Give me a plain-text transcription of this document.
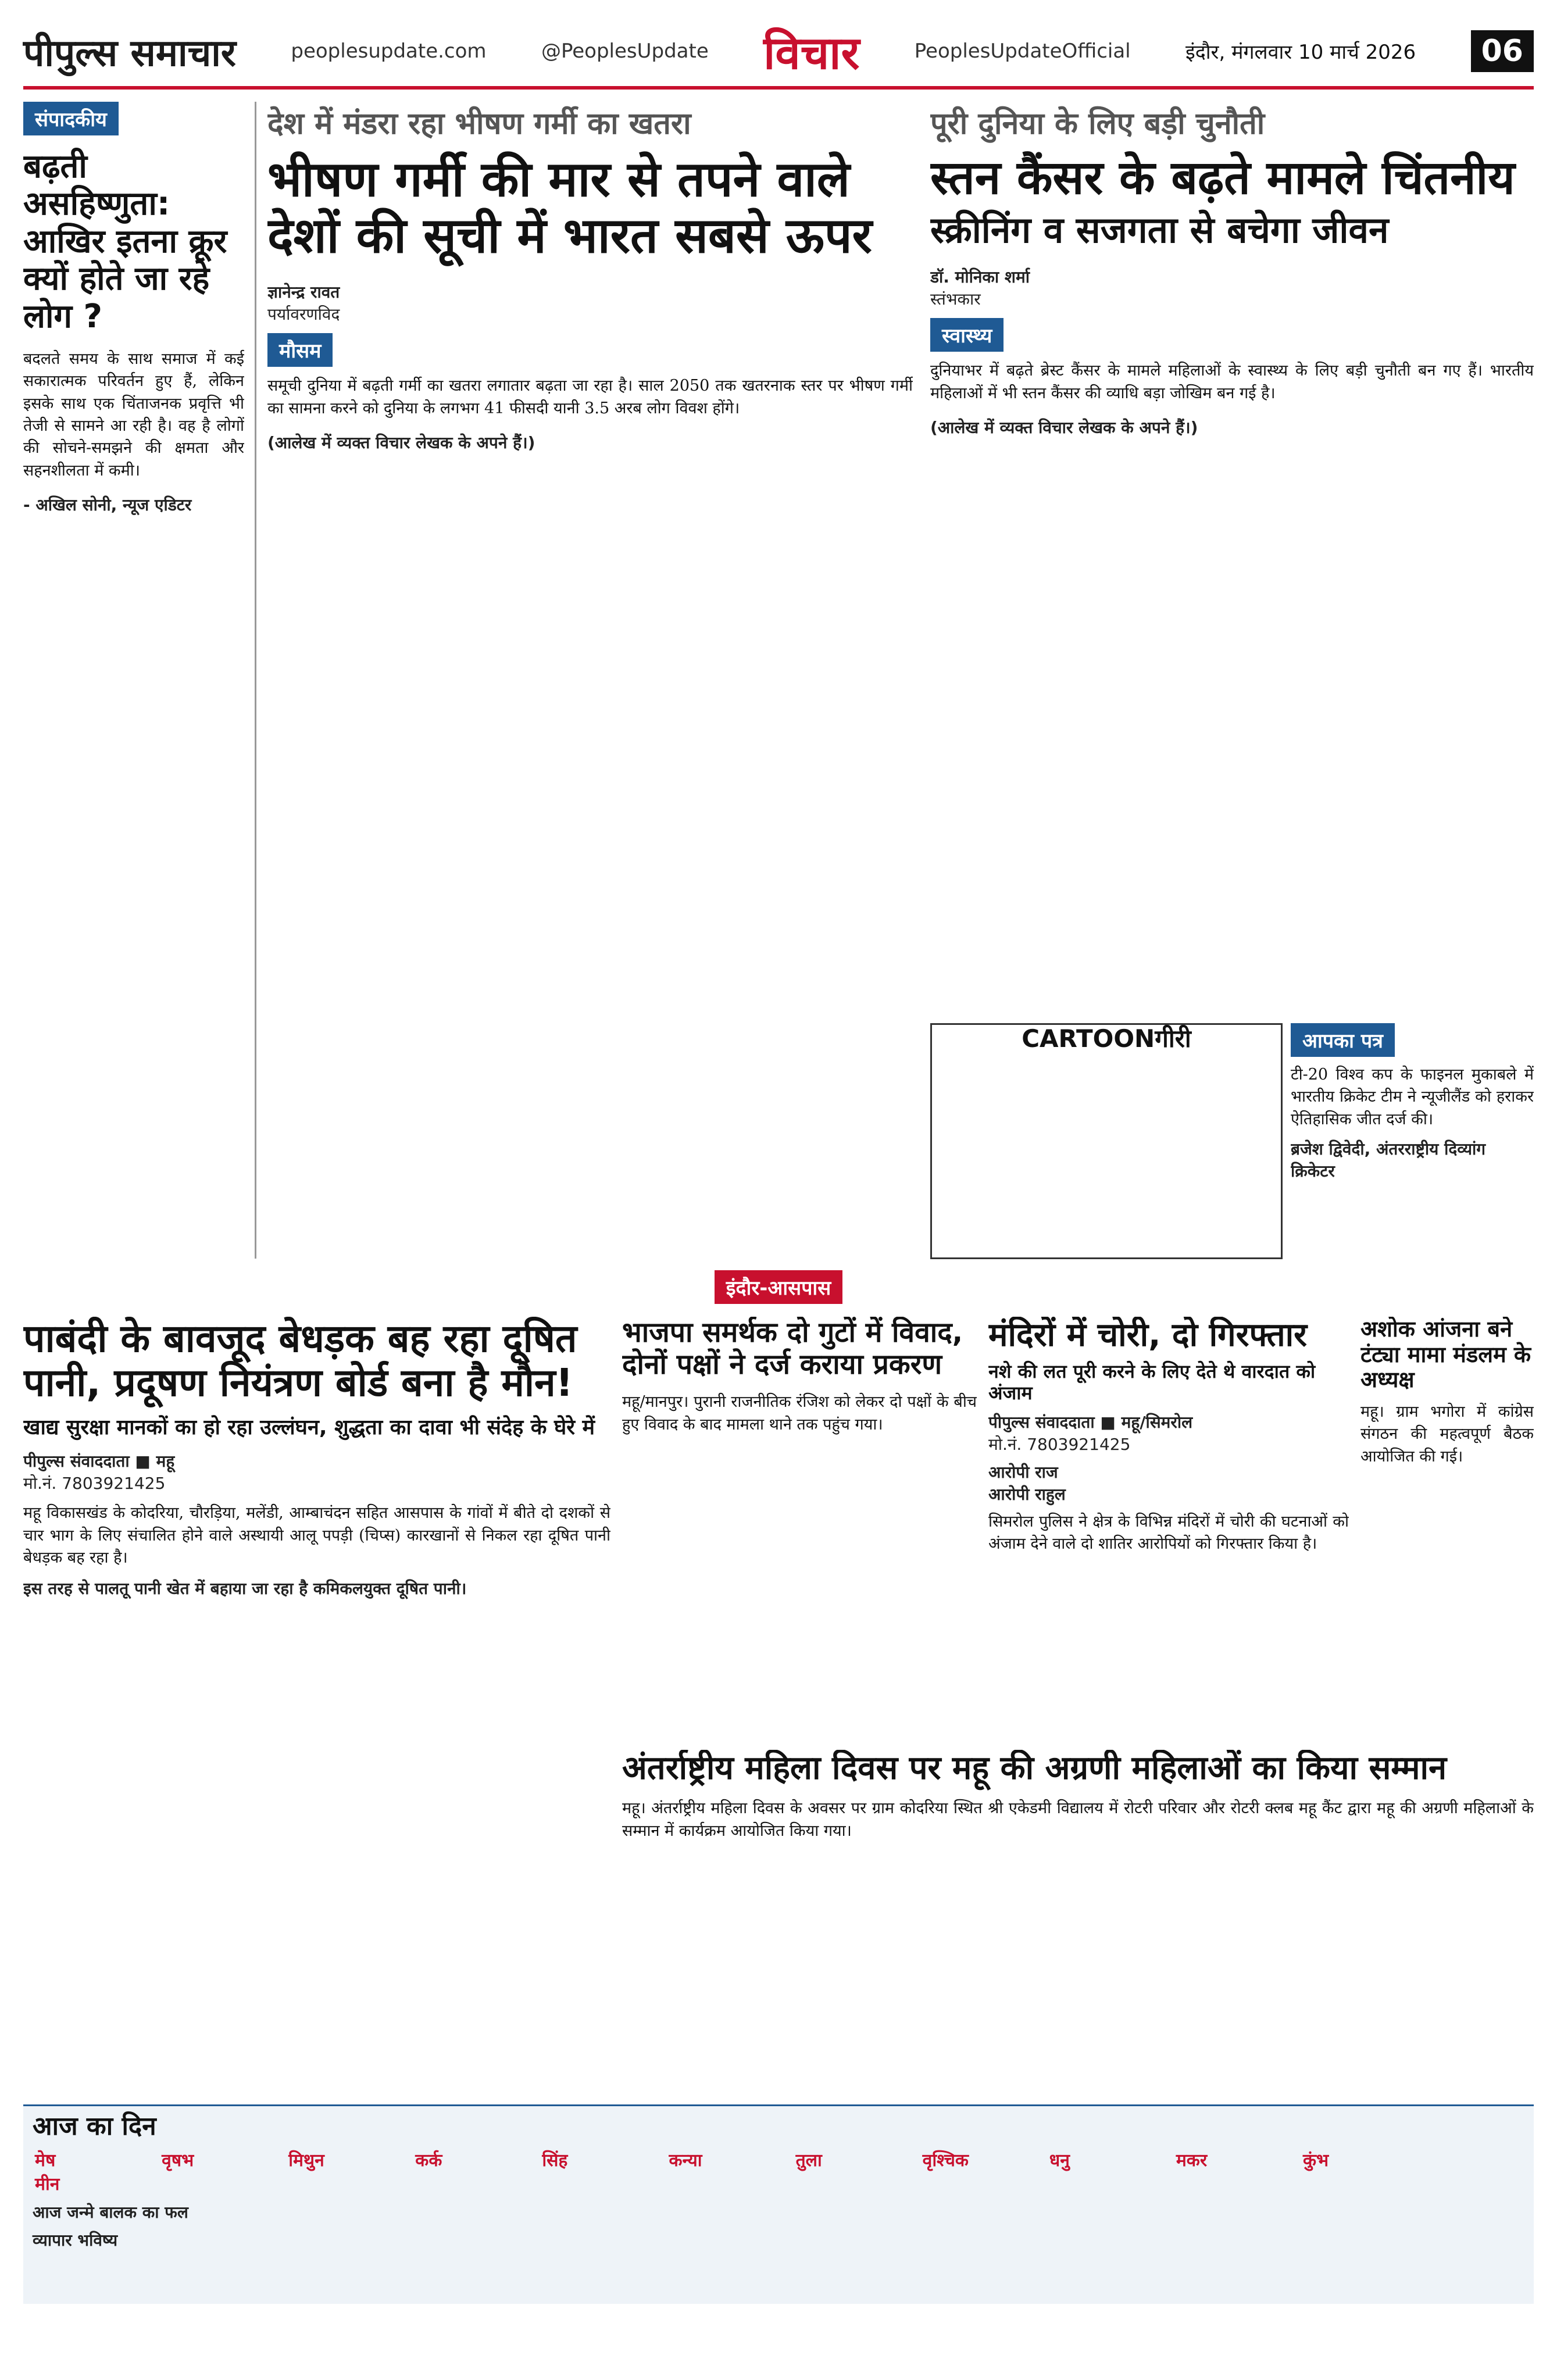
पीपुल्स समाचार	peoplesupdate.com	@PeoplesUpdate विचार	PeoplesUpdateOfficial	इंदौर, मंगलवार 10 मार्च 2026	06
संपादकीय
बढ़ती असहिष्णुता: आखिर इतना क्रूर क्यों होते जा रहे लोग ?
बदलते समय के साथ समाज में कई सकारात्मक परिवर्तन हुए हैं, लेकिन इसके साथ एक चिंताजनक प्रवृत्ति भी तेजी से सामने आ रही है। वह है लोगों की सोचने-समझने की क्षमता और सहनशीलता में कमी।
- अखिल सोनी, न्यूज एडिटर
देश में मंडरा रहा भीषण गर्मी का खतरा
भीषण गर्मी की मार से तपने वाले देशों की सूची में भारत सबसे ऊपर
ज्ञानेन्द्र रावत
पर्यावरणविद
मौसम
समूची दुनिया में बढ़ती गर्मी का खतरा लगातार बढ़ता जा रहा है। साल 2050 तक खतरनाक स्तर पर भीषण गर्मी का सामना करने को दुनिया के लगभग 41 फीसदी यानी 3.5 अरब लोग विवश होंगे।
(आलेख में व्यक्त विचार लेखक के अपने हैं।)
पूरी दुनिया के लिए बड़ी चुनौती
स्तन कैंसर के बढ़ते मामले चिंतनीय
स्क्रीनिंग व सजगता से बचेगा जीवन
डॉ. मोनिका शर्मा
स्तंभकार
स्वास्थ्य
दुनियाभर में बढ़ते ब्रेस्ट कैंसर के मामले महिलाओं के स्वास्थ्य के लिए बड़ी चुनौती बन गए हैं। भारतीय महिलाओं में भी स्तन कैंसर की व्याधि बड़ा जोखिम बन गई है।
(आलेख में व्यक्त विचार लेखक के अपने हैं।)
CARTOONगीरी	आपका पत्र
टी-20 विश्व कप के फाइनल मुकाबले में भारतीय क्रिकेट टीम ने न्यूजीलैंड को हराकर ऐतिहासिक जीत दर्ज की।
ब्रजेश द्विवेदी, अंतरराष्ट्रीय दिव्यांग क्रिकेटर
इंदौर-आसपास
पाबंदी के बावजूद बेधड़क बह रहा दूषित पानी, प्रदूषण नियंत्रण बोर्ड बना है मौन!
खाद्य सुरक्षा मानकों का हो रहा उल्लंघन, शुद्धता का दावा भी संदेह के घेरे में
पीपुल्स संवाददाता ■ महू
मो.नं. 7803921425
महू विकासखंड के कोदरिया, चौरड़िया, मलेंडी, आम्बाचंदन सहित आसपास के गांवों में बीते दो दशकों से चार भाग के लिए संचालित होने वाले अस्थायी आलू पपड़ी (चिप्स) कारखानों से निकल रहा दूषित पानी बेधड़क बह रहा है।
इस तरह से पालतू पानी खेत में बहाया जा रहा है कमिकलयुक्त दूषित पानी।
भाजपा समर्थक दो गुटों में विवाद, दोनों पक्षों ने दर्ज कराया प्रकरण
महू/मानपुर। पुरानी राजनीतिक रंजिश को लेकर दो पक्षों के बीच हुए विवाद के बाद मामला थाने तक पहुंच गया।
मंदिरों में चोरी, दो गिरफ्तार
नशे की लत पूरी करने के लिए देते थे वारदात को अंजाम
पीपुल्स संवाददाता ■ महू/सिमरोल
मो.नं. 7803921425
आरोपी राज
आरोपी राहुल
सिमरोल पुलिस ने क्षेत्र के विभिन्न मंदिरों में चोरी की घटनाओं को अंजाम देने वाले दो शातिर आरोपियों को गिरफ्तार किया है।
अशोक आंजना बने टंट्या मामा मंडलम के अध्यक्ष
महू। ग्राम भगोरा में कांग्रेस संगठन की महत्वपूर्ण बैठक आयोजित की गई।
अंतर्राष्ट्रीय महिला दिवस पर महू की अग्रणी महिलाओं का किया सम्मान
महू। अंतर्राष्ट्रीय महिला दिवस के अवसर पर ग्राम कोदरिया स्थित श्री एकेडमी विद्यालय में रोटरी परिवार और रोटरी क्लब महू कैंट द्वारा महू की अग्रणी महिलाओं के सम्मान में कार्यक्रम आयोजित किया गया।
आज का दिन
मेष	वृषभ	मिथुन	कर्क	सिंह	कन्या	तुला	वृश्चिक	धनु	मकर	कुंभ मीन
आज जन्मे बालक का फल
व्यापार भविष्य
